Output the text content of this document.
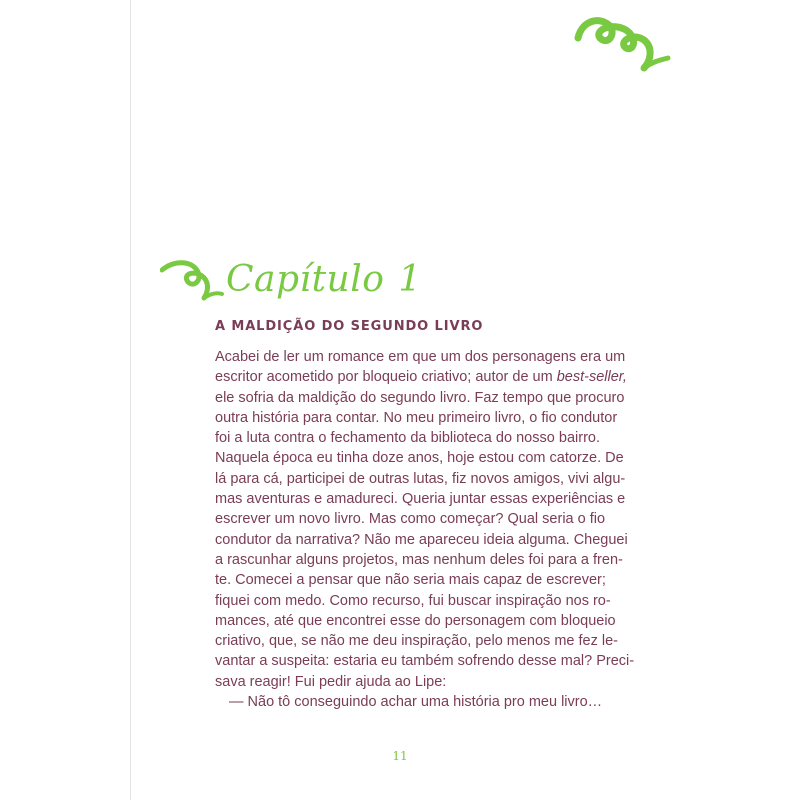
Capítulo 1
A MALDIÇÃO DO SEGUNDO LIVRO
Acabei de ler um romance em que um dos personagens era um
escritor acometido por bloqueio criativo; autor de um best-seller,
ele sofria da maldição do segundo livro. Faz tempo que procuro
outra história para contar. No meu primeiro livro, o fio condutor
foi a luta contra o fechamento da biblioteca do nosso bairro.
Naquela época eu tinha doze anos, hoje estou com catorze. De
lá para cá, participei de outras lutas, fiz novos amigos, vivi algu-
mas aventuras e amadureci. Queria juntar essas experiências e
escrever um novo livro. Mas como começar? Qual seria o fio
condutor da narrativa? Não me apareceu ideia alguma. Cheguei
a rascunhar alguns projetos, mas nenhum deles foi para a fren-
te. Comecei a pensar que não seria mais capaz de escrever;
fiquei com medo. Como recurso, fui buscar inspiração nos ro-
mances, até que encontrei esse do personagem com bloqueio
criativo, que, se não me deu inspiração, pelo menos me fez le-
vantar a suspeita: estaria eu também sofrendo desse mal? Preci-
sava reagir! Fui pedir ajuda ao Lipe:
— Não tô conseguindo achar uma história pro meu livro…
11
